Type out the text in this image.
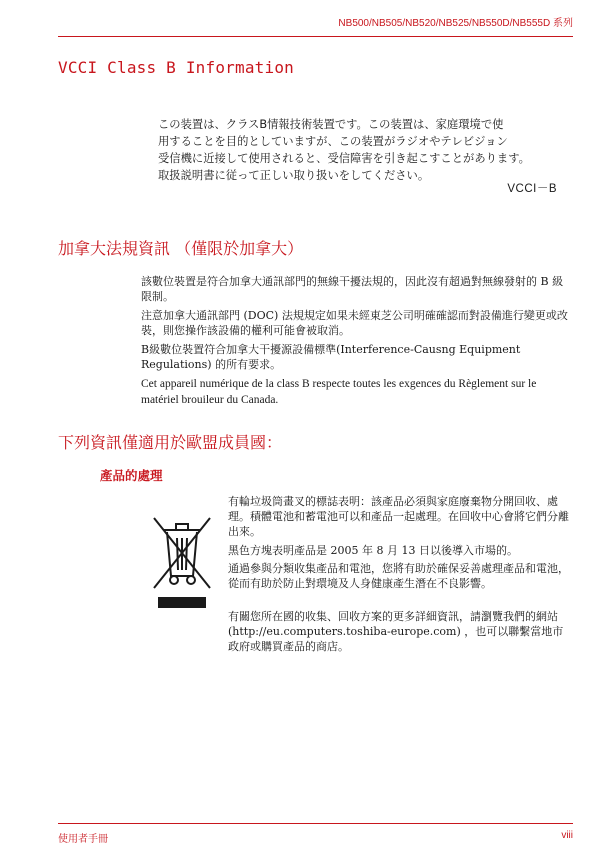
NB500/NB505/NB520/NB525/NB550D/NB555D 系列
VCCI Class B Information

この装置は、クラスB情報技術装置です。この装置は、家庭環境で使

用することを目的としていますが、この装置がラジオやテレビジョン

受信機に近接して使用されると、受信障害を引き起こすことがあります。

取扱説明書に従って正しい取り扱いをしてください。

VCCI－B
加拿大法規資訊 （僅限於加拿大）
該數位裝置是符合加拿大通訊部門的無線干擾法規的，因此沒有超過對無線發射的 B 級限制。
注意加拿大通訊部門 (DOC) 法規規定如果未經東芝公司明確確認而對設備進行變更或改裝，則您操作該設備的權利可能會被取消。
B級數位裝置符合加拿大干擾源設備標準(Interference-Causng Equipment Regulations) 的所有要求。
Cet appareil numérique de la class B respecte toutes les exgences du Règlement sur le matériel brouileur du Canada.
下列資訊僅適用於歐盟成員國：
產品的處理
有輪垃圾筒畫叉的標誌表明：該產品必須與家庭廢棄物分開回收、處理。積體電池和蓄電池可以和產品一起處理。在回收中心會將它們分離出來。
黑色方塊表明產品是 2005 年 8 月 13 日以後導入市場的。
通過參與分類收集產品和電池，您將有助於確保妥善處理產品和電池，從而有助於防止對環境及人身健康產生潛在不良影響。
有關您所在國的收集、回收方案的更多詳細資訊，請瀏覽我們的網站 (http://eu.computers.toshiba-europe.com) ，也可以聯繫當地市政府或購買產品的商店。
使用者手冊	viii
